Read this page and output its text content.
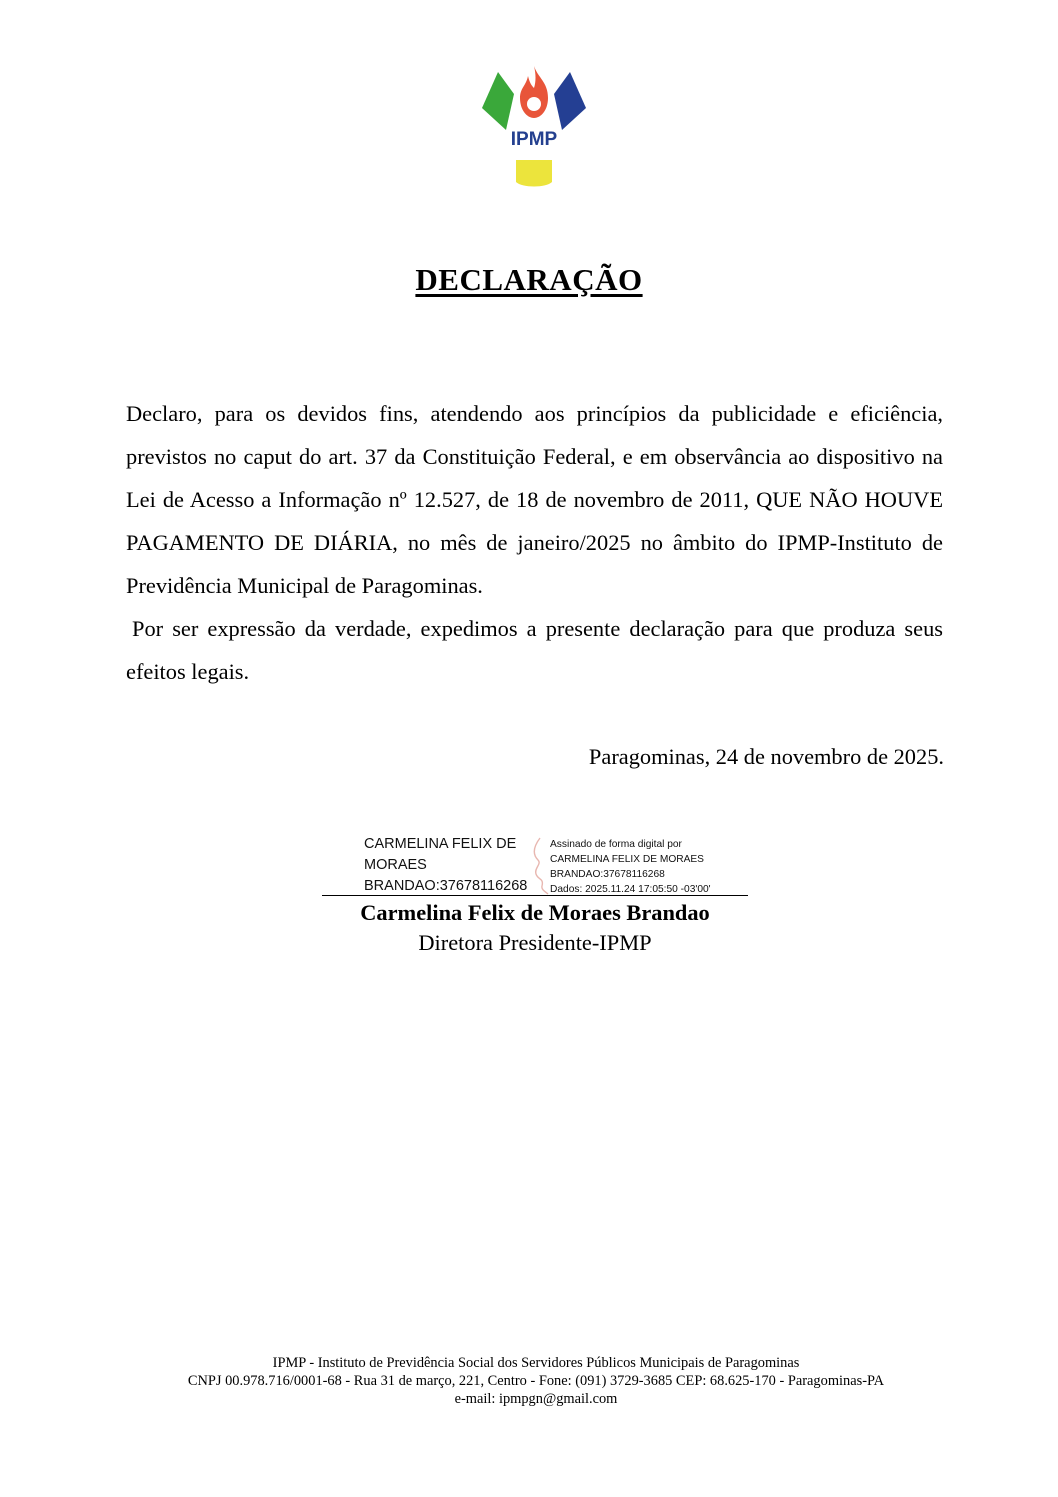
IPMP
DECLARAÇÃO

Declaro, para os devidos fins, atendendo aos princípios da publicidade e eficiência, previstos no caput do art. 37 da Constituição Federal, e em observância ao dispositivo na Lei de Acesso a Informação nº 12.527, de 18 de novembro de 2011, QUE NÃO HOUVE PAGAMENTO DE DIÁRIA, no mês de janeiro/2025 no âmbito do IPMP-Instituto de Previdência Municipal de Paragominas.

Por ser expressão da verdade, expedimos a presente declaração para que produza seus efeitos legais.

Paragominas, 24 de novembro de 2025.
CARMELINA FELIX DE
MORAES
BRANDAO:37678116268
Assinado de forma digital por
CARMELINA FELIX DE MORAES
BRANDAO:37678116268
Dados: 2025.11.24 17:05:50 -03'00'
Carmelina Felix de Moraes Brandao
Diretora Presidente-IPMP
IPMP - Instituto de Previdência Social dos Servidores Públicos Municipais de Paragominas
CNPJ 00.978.716/0001-68 - Rua 31 de março, 221, Centro - Fone: (091) 3729-3685 CEP: 68.625-170 - Paragominas-PA
e-mail: ipmpgn@gmail.com
